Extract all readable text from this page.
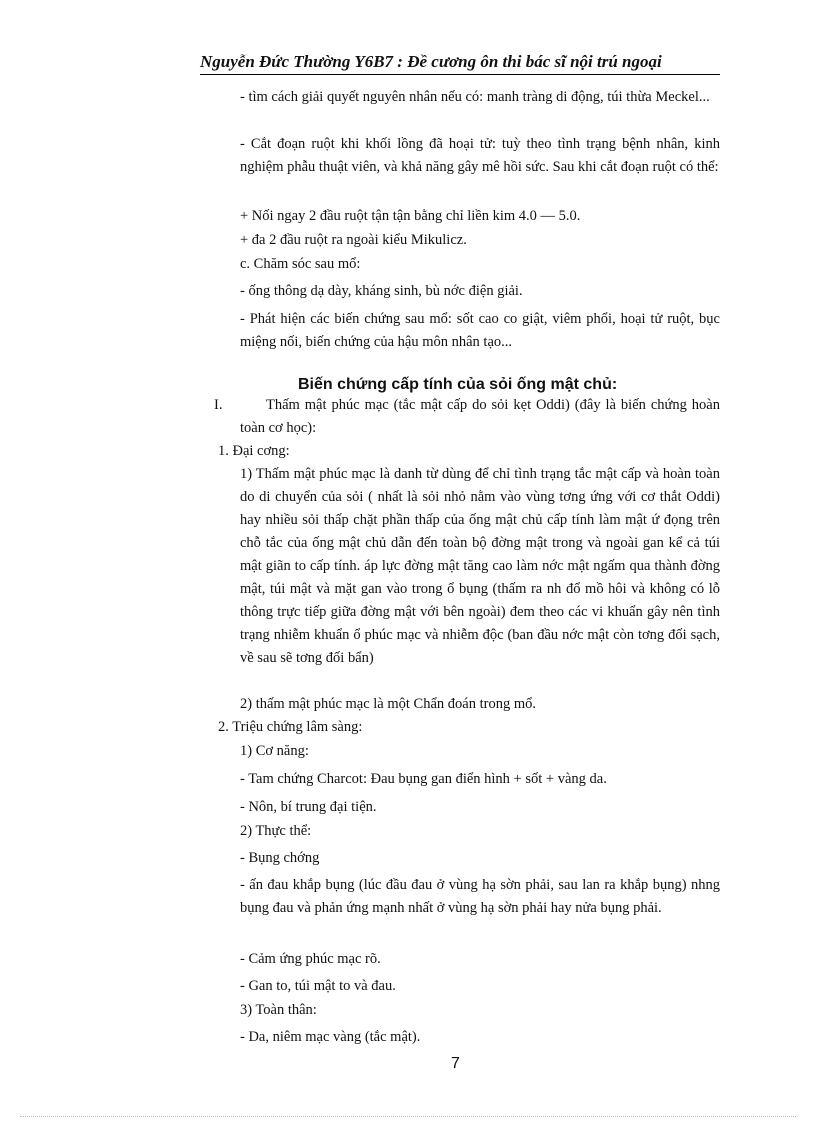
Nguyễn Đức Thường Y6B7 : Đề cương ôn thi bác sĩ nội trú ngoại
- tìm cách giải quyết nguyên nhân nếu có: manh tràng di động, túi thừa Meckel...
- Cắt đoạn ruột khi khối lồng đã hoại tử: tuỳ theo tình trạng bệnh nhân, kinh nghiệm phẫu thuật viên, và khả năng gây mê hồi sức. Sau khi cắt đoạn ruột có thể:
+ Nối ngay 2 đầu ruột tận tận bằng chỉ liền kim 4.0 — 5.0.
+ đa 2 đầu ruột ra ngoài kiểu Mikulicz.
c. Chăm sóc sau mổ:
- ống thông dạ dày, kháng sinh, bù nớc điện giải.
- Phát hiện các biến chứng sau mổ: sốt cao co giật, viêm phổi, hoại tử ruột, bục miệng nối, biến chứng của hậu môn nhân tạo...
Biến chứng cấp tính của sỏi ống mật chủ:
I.	Thấm mật phúc mạc (tắc mật cấp do sỏi kẹt Oddi) (đây là biến chứng hoàn toàn cơ học):
1. Đại cơng:
1) Thấm mật phúc mạc là danh từ dùng để chỉ tình trạng tắc mật cấp và hoàn toàn do di chuyển của sỏi ( nhất là sỏi nhỏ nằm vào vùng tơng ứng với cơ thắt Oddi) hay nhiều sỏi thấp chặt phần thấp của ống mật chủ cấp tính làm mật ứ đọng trên chỗ tắc của ống mật chủ dẫn đến toàn bộ đờng mật trong và ngoài gan kể cả túi mật giãn to cấp tính. áp lực đờng mật tăng cao làm nớc mật ngấm qua thành đờng mật, túi mật và mặt gan vào trong ổ bụng (thấm ra nh đổ mồ hôi và không có lỗ thông trực tiếp giữa đờng mật với bên ngoài) đem theo các vi khuẩn gây nên tình trạng nhiễm khuẩn ổ phúc mạc và nhiễm độc (ban đầu nớc mật còn tơng đối sạch, về sau sẽ tơng đối bẩn)
2) thấm mật phúc mạc là một Chẩn đoán trong mổ.
2. Triệu chứng lâm sàng:
1) Cơ năng:
- Tam chứng Charcot: Đau bụng gan điển hình + sốt + vàng da.
- Nôn, bí trung đại tiện.
2) Thực thể:
- Bụng chớng
- ấn đau khắp bụng (lúc đầu đau ở vùng hạ sờn phải, sau lan ra khắp bụng) nhng bụng đau và phản ứng mạnh nhất ở vùng hạ sờn phải hay nửa bụng phải.
- Cảm ứng phúc mạc rõ.
- Gan to, túi mật to và đau.
3) Toàn thân:
- Da, niêm mạc vàng (tắc mật).
7
